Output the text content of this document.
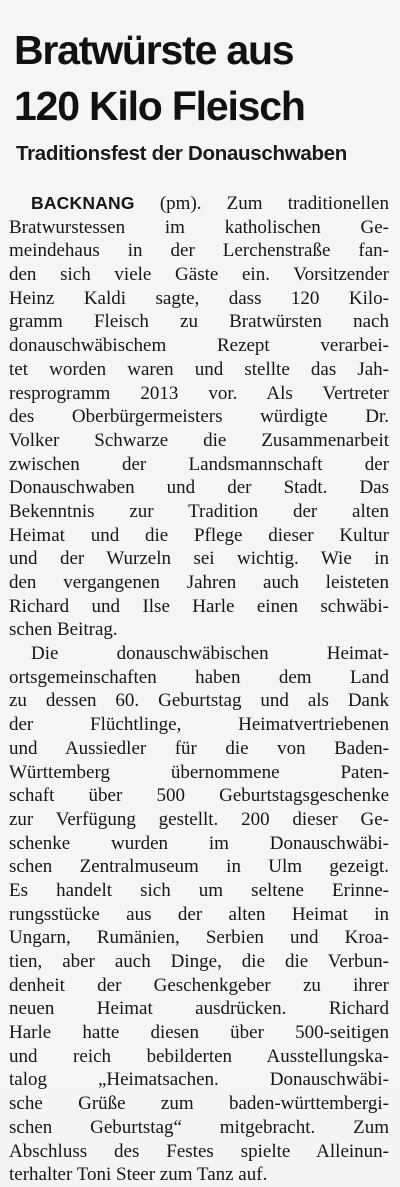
Bratwürste aus
120 Kilo Fleisch
Traditionsfest der Donauschwaben
BACKNANG (pm). Zum traditionellen
Bratwurstessen im katholischen Ge-
meindehaus in der Lerchenstraße fan-
den sich viele Gäste ein. Vorsitzender
Heinz Kaldi sagte, dass 120 Kilo-
gramm Fleisch zu Bratwürsten nach
donauschwäbischem Rezept verarbei-
tet worden waren und stellte das Jah-
resprogramm 2013 vor. Als Vertreter
des Oberbürgermeisters würdigte Dr.
Volker Schwarze die Zusammenarbeit
zwischen der Landsmannschaft der
Donauschwaben und der Stadt. Das
Bekenntnis zur Tradition der alten
Heimat und die Pflege dieser Kultur
und der Wurzeln sei wichtig. Wie in
den vergangenen Jahren auch leisteten
Richard und Ilse Harle einen schwäbi-
schen Beitrag.
Die donauschwäbischen Heimat-
ortsgemeinschaften haben dem Land
zu dessen 60. Geburtstag und als Dank
der Flüchtlinge, Heimatvertriebenen
und Aussiedler für die von Baden-
Württemberg übernommene Paten-
schaft über 500 Geburtstagsgeschenke
zur Verfügung gestellt. 200 dieser Ge-
schenke wurden im Donauschwäbi-
schen Zentralmuseum in Ulm gezeigt.
Es handelt sich um seltene Erinne-
rungsstücke aus der alten Heimat in
Ungarn, Rumänien, Serbien und Kroa-
tien, aber auch Dinge, die die Verbun-
denheit der Geschenkgeber zu ihrer
neuen Heimat ausdrücken. Richard
Harle hatte diesen über 500-seitigen
und reich bebilderten Ausstellungska-
talog „Heimatsachen. Donauschwäbi-
sche Grüße zum baden-württembergi-
schen Geburtstag“ mitgebracht. Zum
Abschluss des Festes spielte Alleinun-
terhalter Toni Steer zum Tanz auf.
